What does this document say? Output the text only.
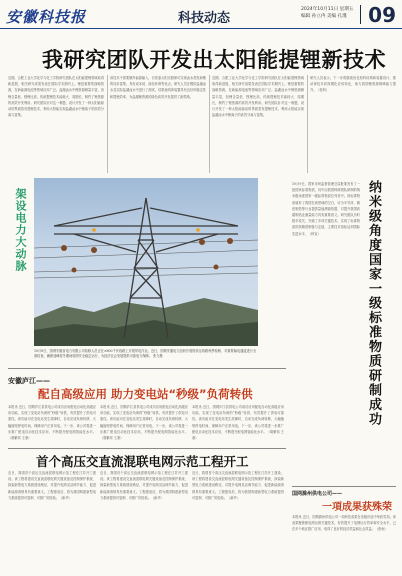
安徽科技报	科技动态
2024年10月11日 星期五
编辑 孙立冉 美编 孔瑾	09
我研究团队开发出太阳能提锂新技术
近期，合肥工业大学化学与化工学院研究团队在太阳能提锂领域取得新进展，相关研究成果发表在国际学术期刊上。锂是重要的战略资源，在新能源电池等领域应用广泛。盐湖卤水中锂资源储量丰富，但锂含量低、镁锂比高，传统提锂技术能耗大、周期长，制约了锂资源的高效开发利用。研究团队针对这一难题，设计开发了一种太阳能驱动的界面蒸发提锂技术，利用太阳能实现盐湖卤水中锂离子的高效分离与富集。
该技术不需要额外能源输入，仅依靠太阳光照即可实现卤水蒸发和锂的同步富集，具有成本低、绿色环保等优点。研究人员在模拟盐湖卤水及实际盐湖卤水中进行了测试，结果表明该装置具有良好的稳定性和提锂效率，为盐湖锂资源的绿色高效开发提供了新思路。
近期，合肥工业大学化学与化工学院研究团队在太阳能提锂领域取得新进展，相关研究成果发表在国际学术期刊上。锂是重要的战略资源，在新能源电池等领域应用广泛。盐湖卤水中锂资源储量丰富，但锂含量低、镁锂比高，传统提锂技术能耗大、周期长，制约了锂资源的高效开发利用。研究团队针对这一难题，设计开发了一种太阳能驱动的界面蒸发提锂技术，利用太阳能实现盐湖卤水中锂离子的高效分离与富集。
研究人员表示，下一步将继续优化材料结构和装置设计，推动该技术向规模化应用转化，助力我国锂资源保障能力提升。（桂科）
架设电力大动脉
10月8日，国网安徽省电力有限公司检修人员正在±800千伏线路上开展带电作业。近日，国网安徽电力组织开展特高压线路秋季检修，对重要输电通道进行全面检查，确保迎峰度冬期间电网安全稳定运行，为经济社会发展提供可靠电力保障。 张力摄	纳米级角度国家一级标准物质研制成功
10月9日，国家市场监督管理总局批准发布了一批国家标准物质，其中由我国科研团队研制的纳米级角度国家一级标准物质位列其中。该标准物质填补了我国在该领域的空白，可为半导体、精密制造等行业提供量值溯源依据，对提升我国高端制造业测量能力具有重要意义。研究团队历时数年攻关，突破了多项关键技术，实现了标准物质的高精度制备与定值，主要技术指标达到国际先进水平。（科宣）
安徽庐江——
配自高级应用 助力变电站“秒级”负荷转供
本报讯 近日，国网庐江县供电公司成功应用配电自动化高级应用功能，实现了变电站负荷的“秒级”转供，有效提升了供电可靠性。该功能可在变电站发生故障时，自动完成负荷转移，大幅缩短停电时间，保障用户正常用电。下一步，该公司将进一步推广配电自动化技术应用，不断提升配电网智能化水平。（胡紫邦 王寒）
本报讯 近日，国网庐江县供电公司成功应用配电自动化高级应用功能，实现了变电站负荷的“秒级”转供，有效提升了供电可靠性。该功能可在变电站发生故障时，自动完成负荷转移，大幅缩短停电时间，保障用户正常用电。下一步，该公司将进一步推广配电自动化技术应用，不断提升配电网智能化水平。（胡紫邦 王寒）
本报讯 近日，国网庐江县供电公司成功应用配电自动化高级应用功能，实现了变电站负荷的“秒级”转供，有效提升了供电可靠性。该功能可在变电站发生故障时，自动完成负荷转移，大幅缩短停电时间，保障用户正常用电。下一步，该公司将进一步推广配电自动化技术应用，不断提升配电网智能化水平。（胡紫邦 王寒）
首个高压交直流混联电网示范工程开工
近日，我国首个高压交直流混联电网示范工程在江苏开工建设。该工程将建设交直流混联电网关键设备及控制保护系统，探索新型电力系统建设路径，对提升电网灵活调节能力、促进新能源消纳具有重要意义。工程建成后，将为我国构建新型电力系统提供可复制、可推广的经验。（新华）
近日，我国首个高压交直流混联电网示范工程在江苏开工建设。该工程将建设交直流混联电网关键设备及控制保护系统，探索新型电力系统建设路径，对提升电网灵活调节能力、促进新能源消纳具有重要意义。工程建成后，将为我国构建新型电力系统提供可复制、可推广的经验。（新华）
近日，我国首个高压交直流混联电网示范工程在江苏开工建设。该工程将建设交直流混联电网关键设备及控制保护系统，探索新型电力系统建设路径，对提升电网灵活调节能力、促进新能源消纳具有重要意义。工程建成后，将为我国构建新型电力系统提供可复制、可推广的经验。（新华）
国网滁州供电公司——
一項成果获殊荣
本报讯 近日，国网滁州供电公司一项科技成果在省级评选中荣获奖项。该成果聚焦配电网运维关键技术，有效提升了电网运行效率和安全水平，已在多个地区推广应用，取得了良好的经济效益和社会效益。（张雨）
